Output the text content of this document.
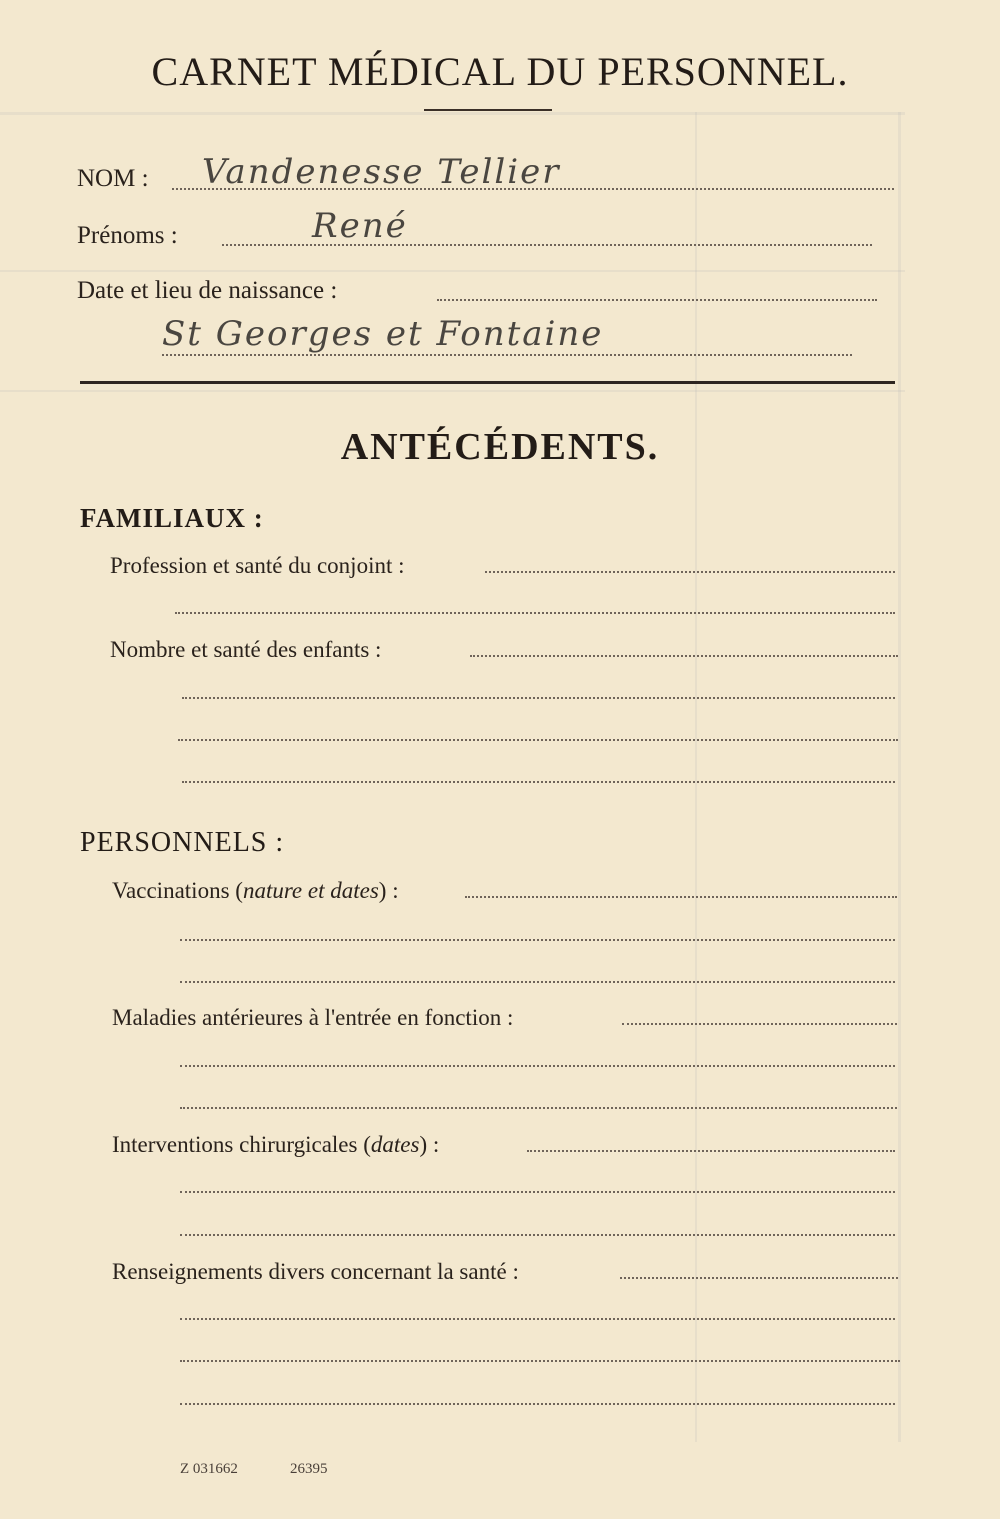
CARNET MÉDICAL DU PERSONNEL.
NOM : Vandenesse Tellier
Prénoms :	René
Date et lieu de naissance :
St Georges et Fontaine
ANTÉCÉDENTS.
FAMILIAUX :
Profession et santé du conjoint :
Nombre et santé des enfants :
PERSONNELS :
Vaccinations (nature et dates) :
Maladies antérieures à l'entrée en fonction :
Interventions chirurgicales (dates) :
Renseignements divers concernant la santé :
Z 031662	26395
